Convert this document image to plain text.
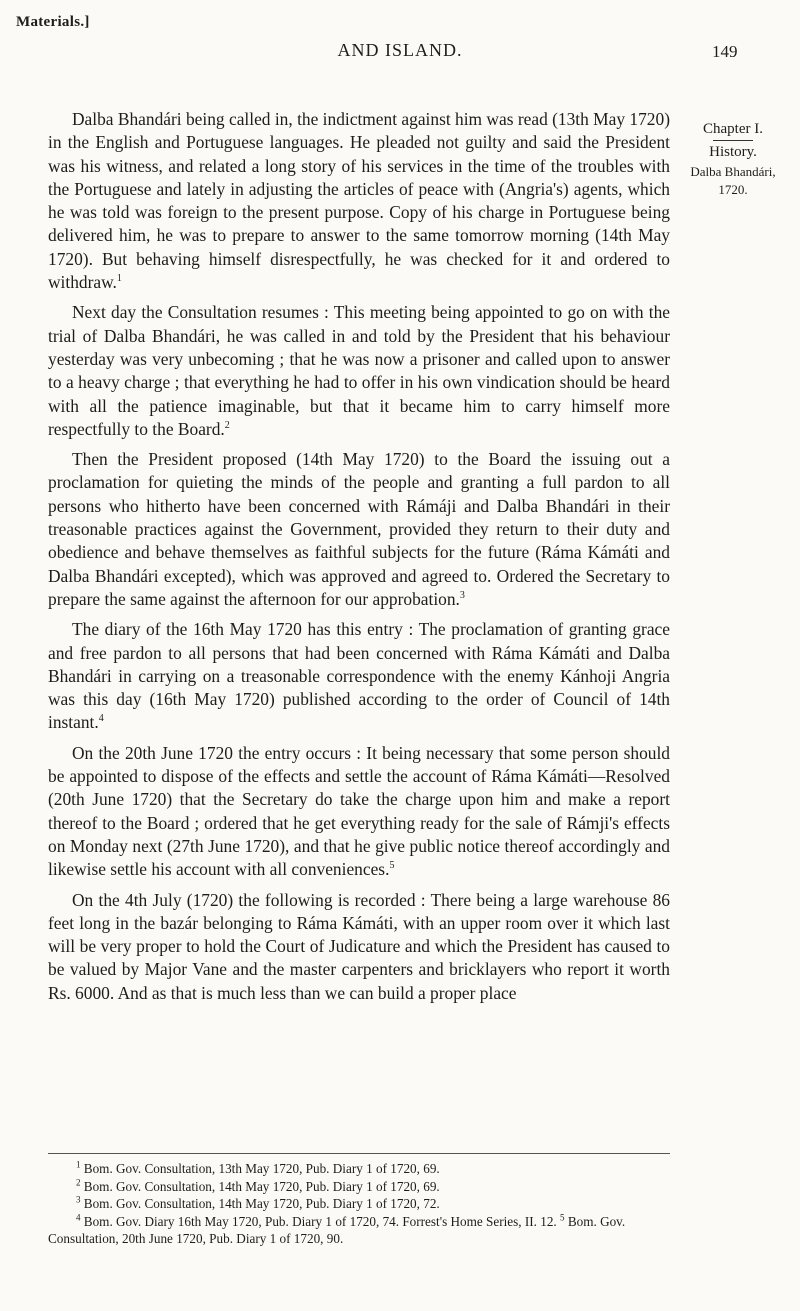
Materials.]
AND ISLAND.	149
Chapter I.
History.
Dalba Bhandári,
1720.

Dalba Bhandári being called in, the indictment against him was read (13th May 1720) in the English and Portuguese languages. He pleaded not guilty and said the President was his witness, and related a long story of his services in the time of the troubles with the Portuguese and lately in adjusting the articles of peace with (Angria's) agents, which he was told was foreign to the present purpose. Copy of his charge in Portuguese being delivered him, he was to prepare to answer to the same tomorrow morning (14th May 1720). But behaving himself disrespectfully, he was checked for it and ordered to withdraw.$^1$

Next day the Consultation resumes : This meeting being appointed to go on with the trial of Dalba Bhandári, he was called in and told by the President that his behaviour yesterday was very unbecoming ; that he was now a prisoner and called upon to answer to a heavy charge ; that everything he had to offer in his own vindication should be heard with all the patience imaginable, but that it became him to carry himself more respectfully to the Board.$^2$

Then the President proposed (14th May 1720) to the Board the issuing out a proclamation for quieting the minds of the people and granting a full pardon to all persons who hitherto have been concerned with Rámáji and Dalba Bhandári in their treasonable practices against the Government, provided they return to their duty and obedience and behave themselves as faithful subjects for the future (Ráma Kámáti and Dalba Bhandári excepted), which was approved and agreed to. Ordered the Secretary to prepare the same against the afternoon for our approbation.$^3$

The diary of the 16th May 1720 has this entry : The proclamation of granting grace and free pardon to all persons that had been concerned with Ráma Kámáti and Dalba Bhandári in carrying on a treasonable correspondence with the enemy Kánhoji Angria was this day (16th May 1720) published according to the order of Council of 14th instant.$^4$

On the 20th June 1720 the entry occurs : It being necessary that some person should be appointed to dispose of the effects and settle the account of Ráma Kámáti—Resolved (20th June 1720) that the Secretary do take the charge upon him and make a report thereof to the Board ; ordered that he get everything ready for the sale of Rámji's effects on Monday next (27th June 1720), and that he give public notice thereof accordingly and likewise settle his account with all conveniences.$^5$

On the 4th July (1720) the following is recorded : There being a large warehouse 86 feet long in the bazár belonging to Ráma Kámáti, with an upper room over it which last will be very proper to hold the Court of Judicature and which the President has caused to be valued by Major Vane and the master carpenters and bricklayers who report it worth Rs. 6000. And as that is much less than we can build a proper place

$^1$ Bom. Gov. Consultation, 13th May 1720, Pub. Diary 1 of 1720, 69.

$^2$ Bom. Gov. Consultation, 14th May 1720, Pub. Diary 1 of 1720, 69.

$^3$ Bom. Gov. Consultation, 14th May 1720, Pub. Diary 1 of 1720, 72.

$^4$ Bom. Gov. Diary 16th May 1720, Pub. Diary 1 of 1720, 74. Forrest's Home Series, II. 12. $^5$ Bom. Gov. Consultation, 20th June 1720, Pub. Diary 1 of 1720, 90.
